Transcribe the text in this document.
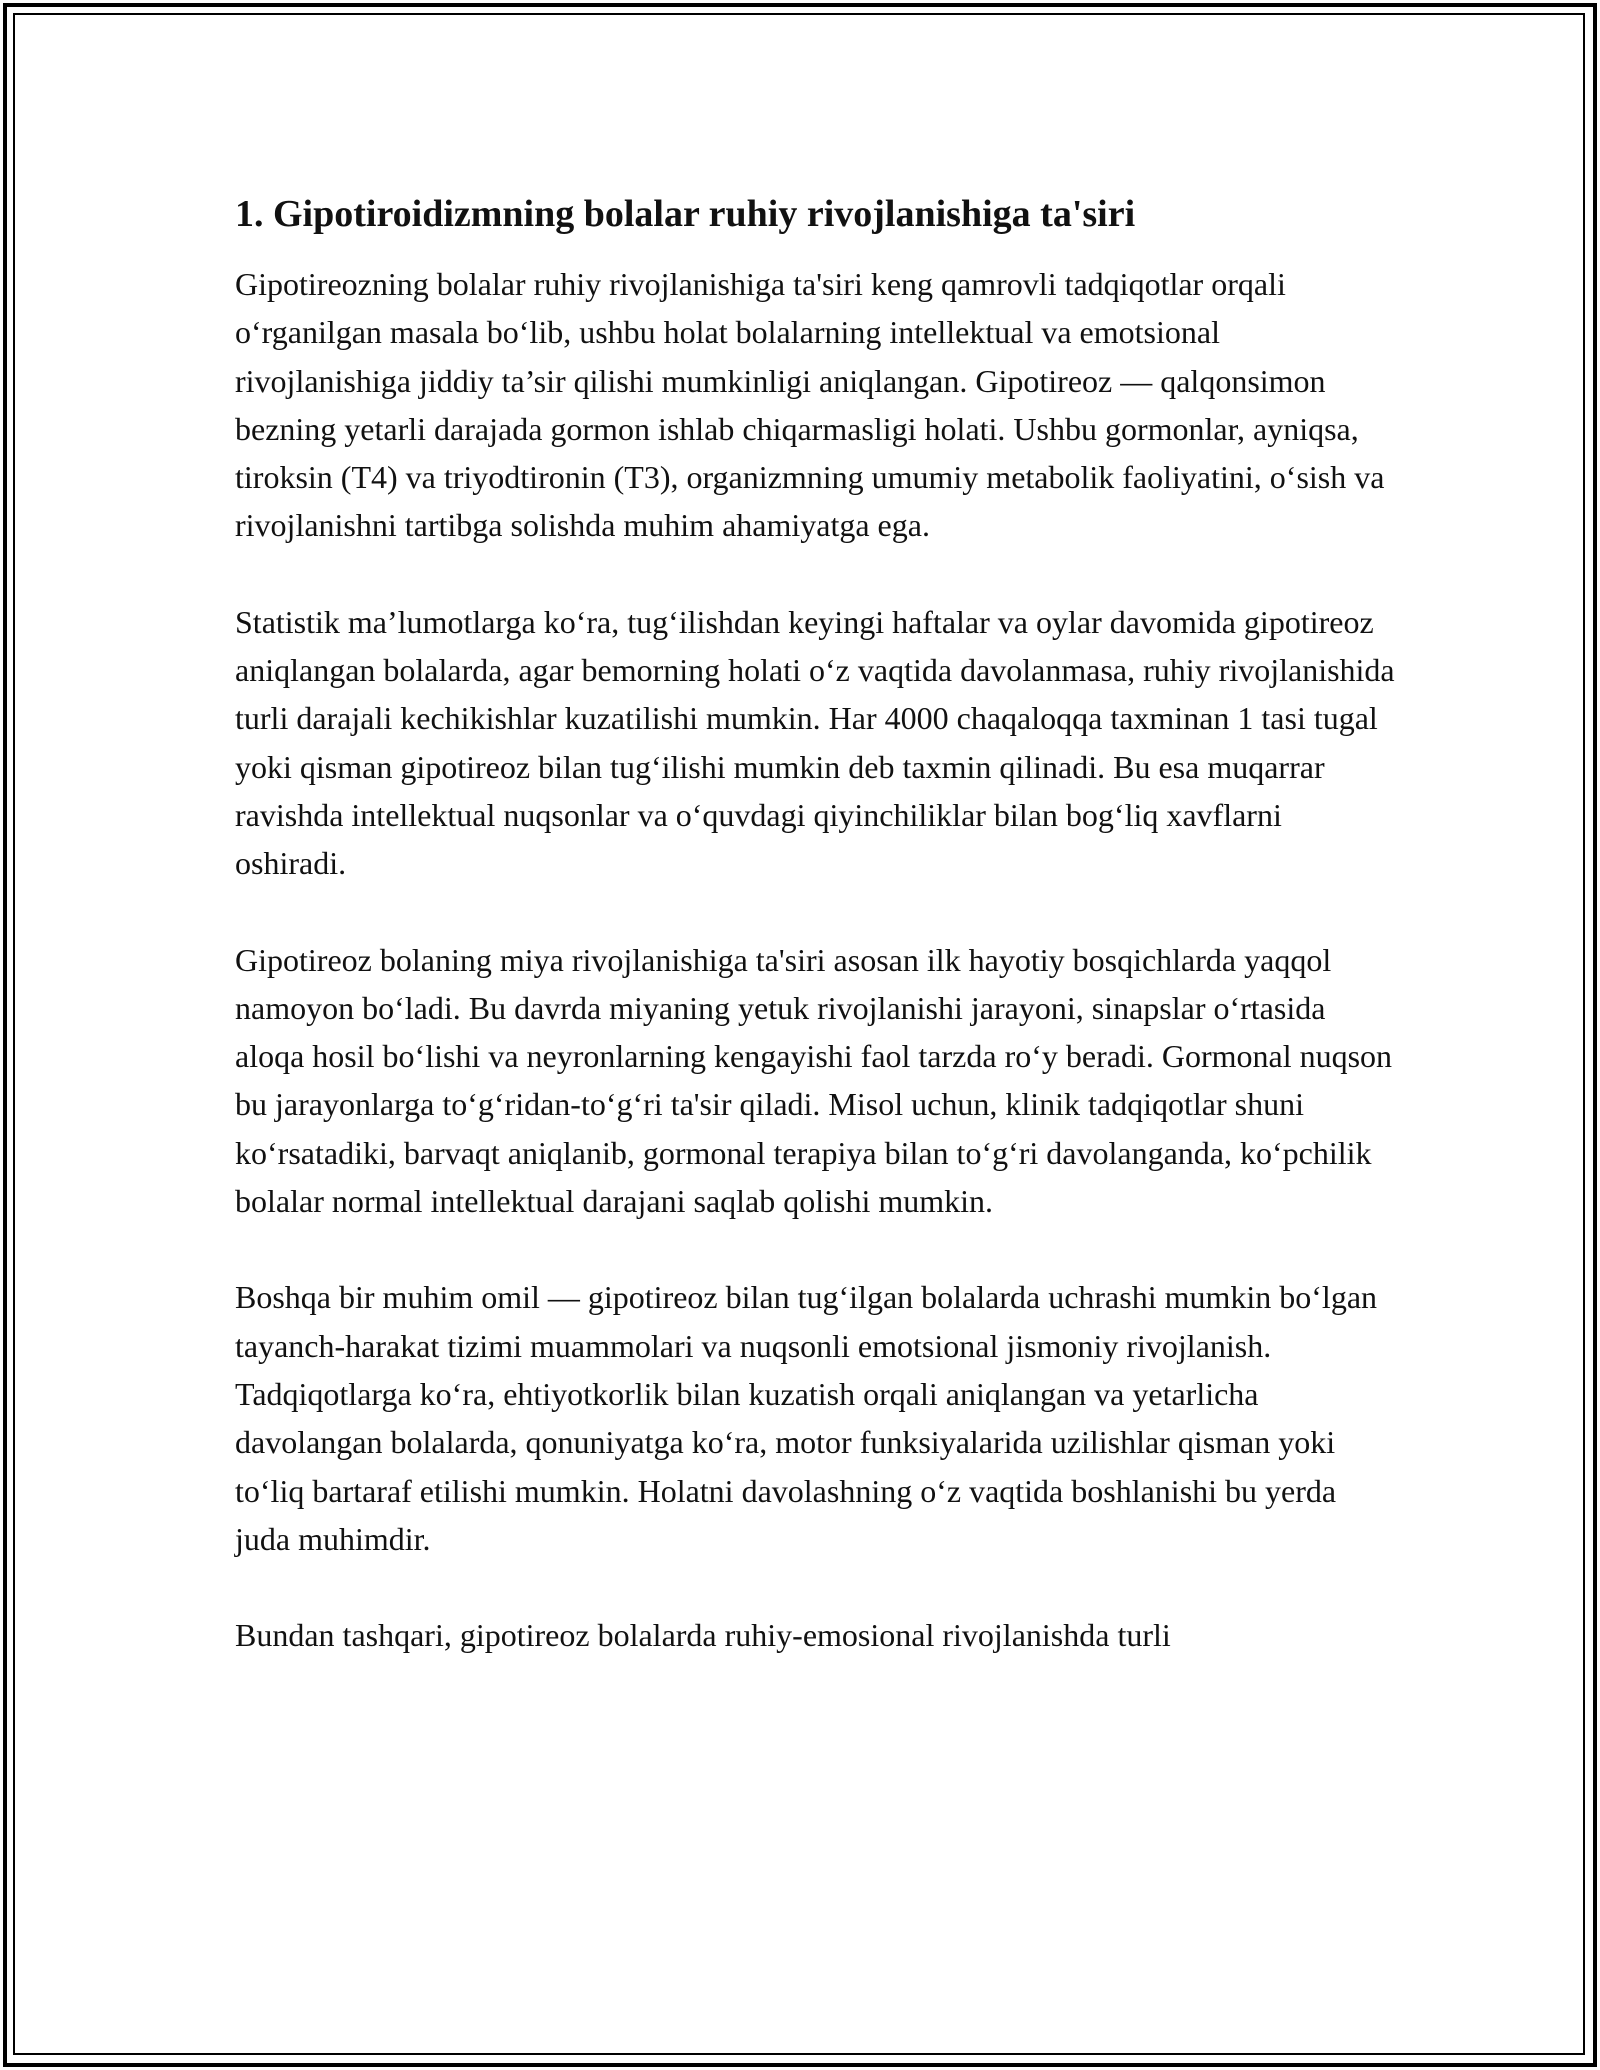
1. Gipotiroidizmning bolalar ruhiy rivojlanishiga ta'siri

Gipotireozning bolalar ruhiy rivojlanishiga ta'siri keng qamrovli tadqiqotlar orqali o‘rganilgan masala bo‘lib, ushbu holat bolalarning intellektual va emotsional rivojlanishiga jiddiy ta’sir qilishi mumkinligi aniqlangan. Gipotireoz — qalqonsimon bezning yetarli darajada gormon ishlab chiqarmasligi holati. Ushbu gormonlar, ayniqsa, tiroksin (T4) va triyodtironin (T3), organizmning umumiy metabolik faoliyatini, o‘sish va rivojlanishni tartibga solishda muhim ahamiyatga ega.

Statistik ma’lumotlarga ko‘ra, tug‘ilishdan keyingi haftalar va oylar davomida gipotireoz aniqlangan bolalarda, agar bemorning holati o‘z vaqtida davolanmasa, ruhiy rivojlanishida turli darajali kechikishlar kuzatilishi mumkin. Har 4000 chaqaloqqa taxminan 1 tasi tugal yoki qisman gipotireoz bilan tug‘ilishi mumkin deb taxmin qilinadi. Bu esa muqarrar ravishda intellektual nuqsonlar va o‘quvdagi qiyinchiliklar bilan bog‘liq xavflarni oshiradi.

Gipotireoz bolaning miya rivojlanishiga ta'siri asosan ilk hayotiy bosqichlarda yaqqol namoyon bo‘ladi. Bu davrda miyaning yetuk rivojlanishi jarayoni, sinapslar o‘rtasida aloqa hosil bo‘lishi va neyronlarning kengayishi faol tarzda ro‘y beradi. Gormonal nuqson bu jarayonlarga to‘g‘ridan-to‘g‘ri ta'sir qiladi. Misol uchun, klinik tadqiqotlar shuni ko‘rsatadiki, barvaqt aniqlanib, gormonal terapiya bilan to‘g‘ri davolanganda, ko‘pchilik bolalar normal intellektual darajani saqlab qolishi mumkin.

Boshqa bir muhim omil — gipotireoz bilan tug‘ilgan bolalarda uchrashi mumkin bo‘lgan tayanch-harakat tizimi muammolari va nuqsonli emotsional jismoniy rivojlanish. Tadqiqotlarga ko‘ra, ehtiyotkorlik bilan kuzatish orqali aniqlangan va yetarlicha davolangan bolalarda, qonuniyatga ko‘ra, motor funksiyalarida uzilishlar qisman yoki to‘liq bartaraf etilishi mumkin. Holatni davolashning o‘z vaqtida boshlanishi bu yerda juda muhimdir.

Bundan tashqari, gipotireoz bolalarda ruhiy-emosional rivojlanishda turli
